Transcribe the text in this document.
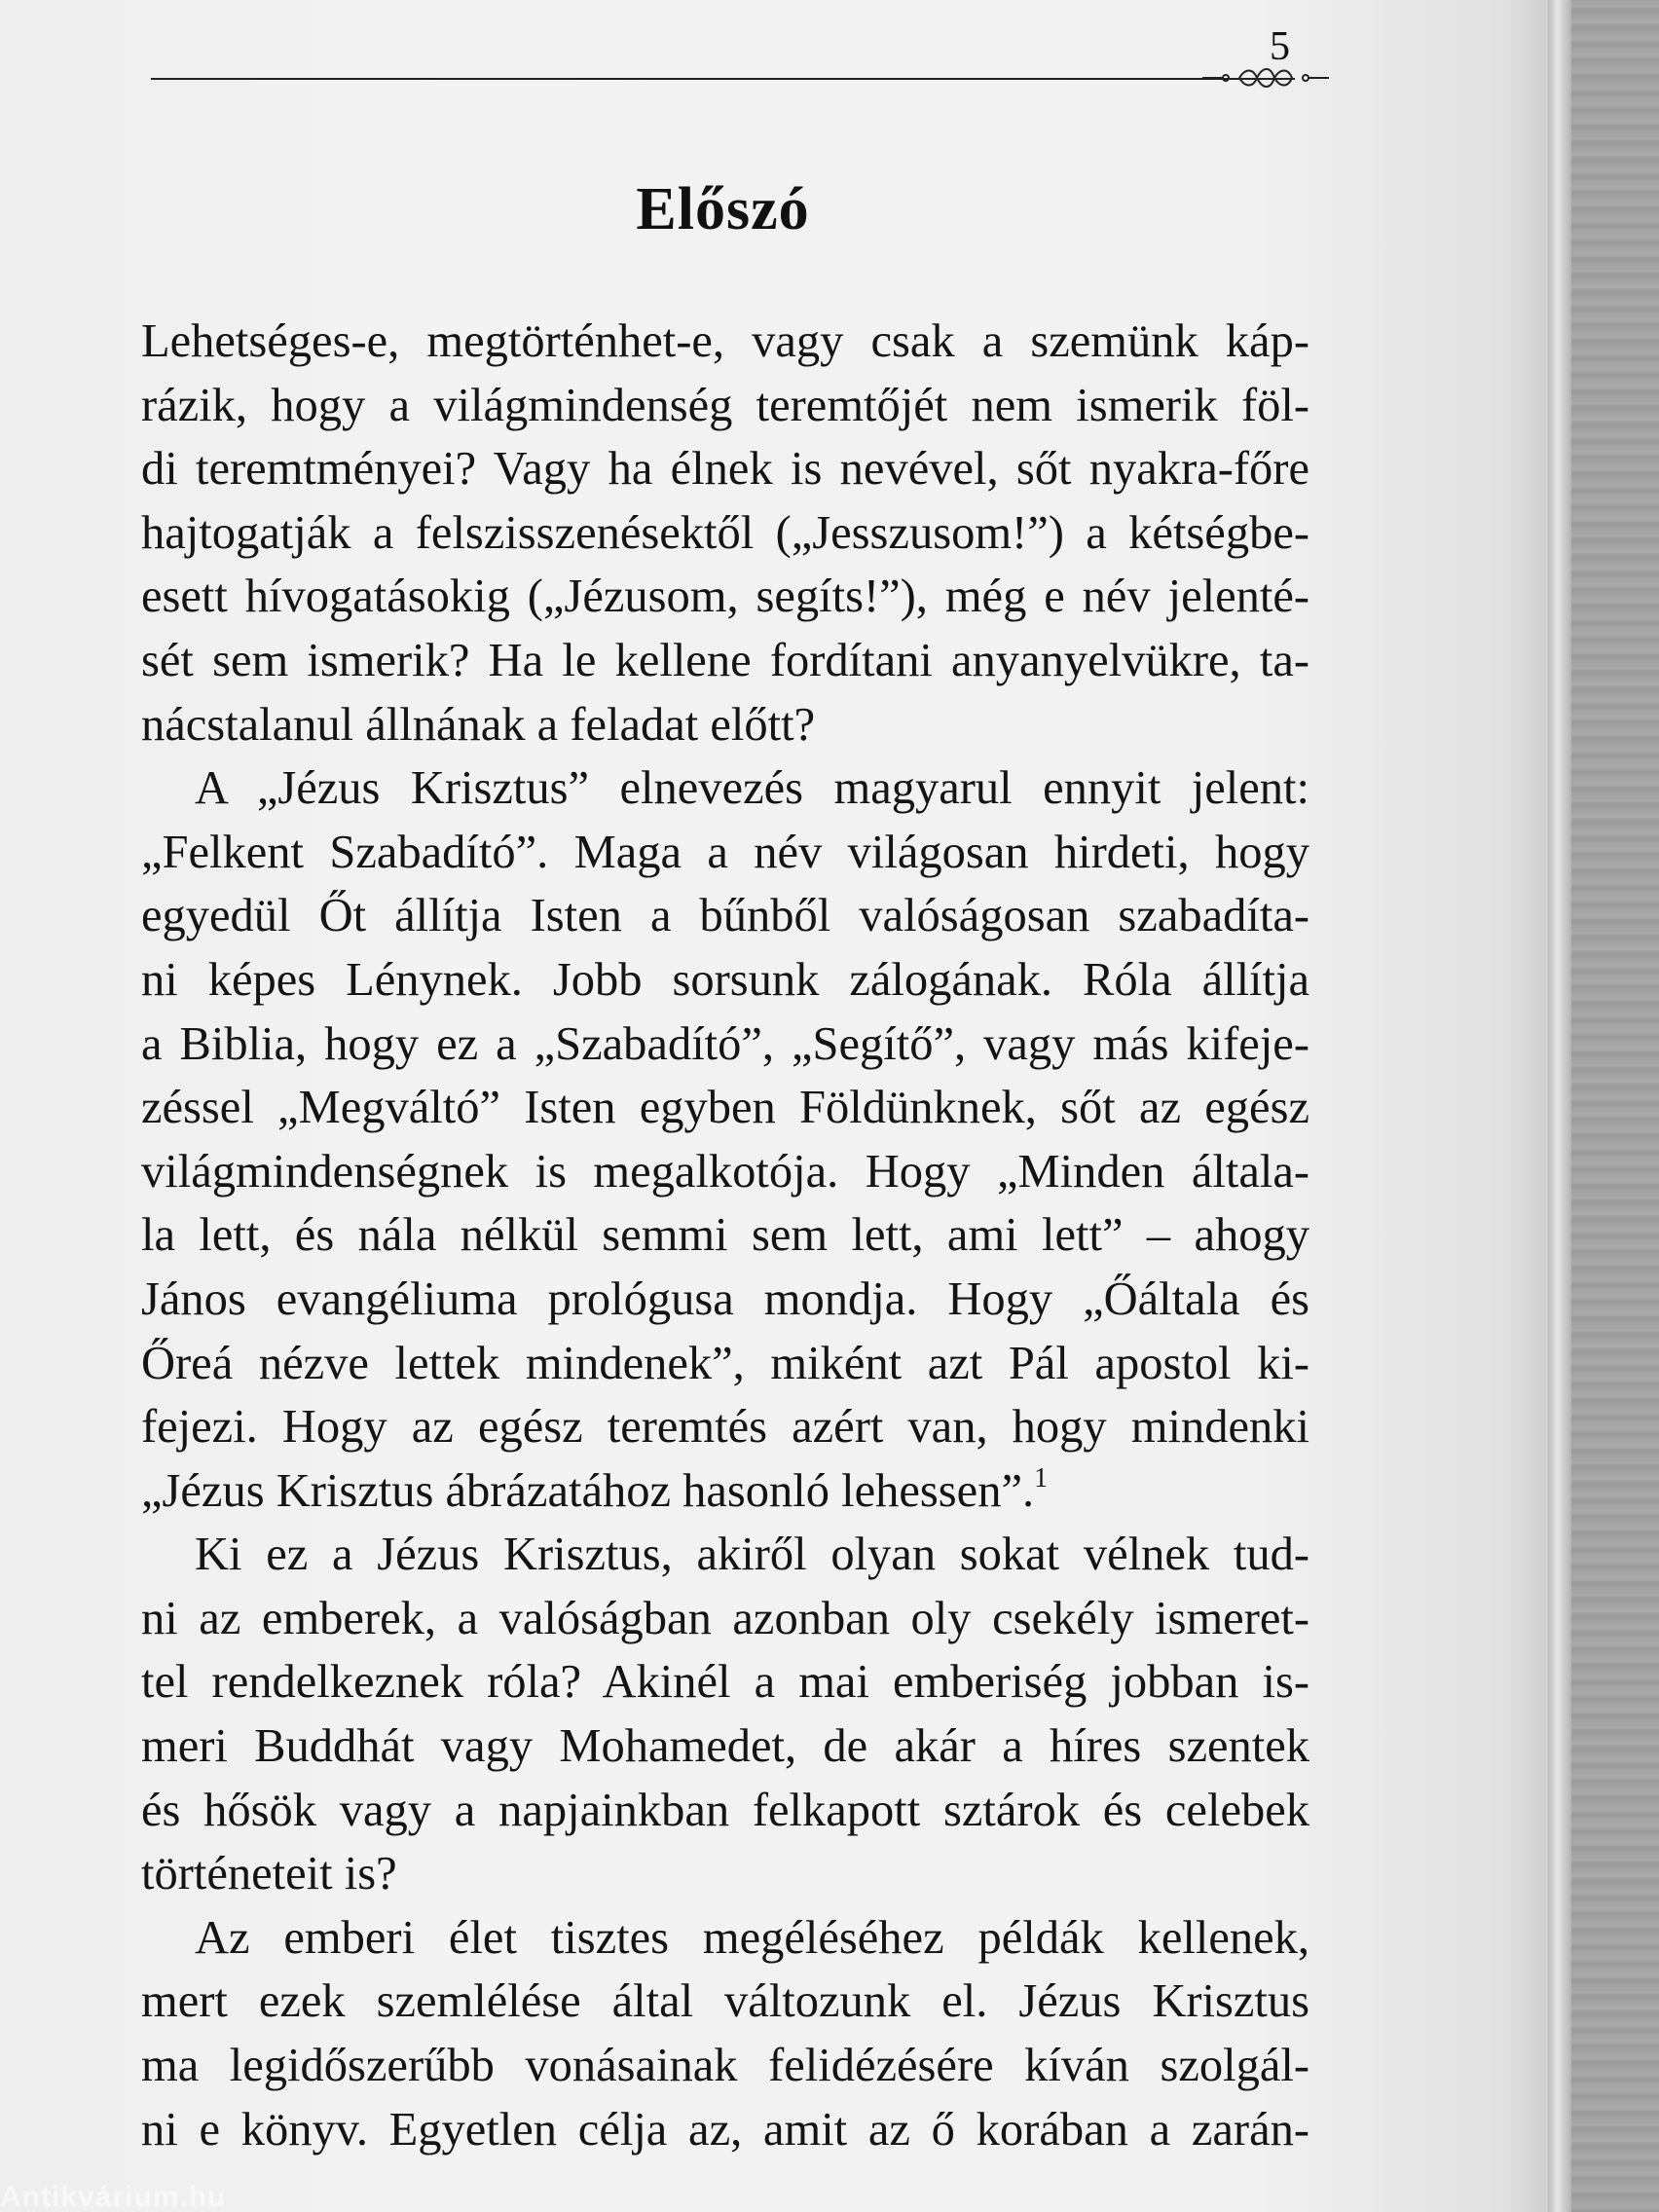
5
Előszó
Lehetséges-e, megtörténhet-e, vagy csak a szemünk káp-
rázik, hogy a világmindenség teremtőjét nem ismerik föl-
di teremtményei? Vagy ha élnek is nevével, sőt nyakra-főre
hajtogatják a felszisszenésektől („Jesszusom!”) a kétségbe-
esett hívogatásokig („Jézusom, segíts!”), még e név jelenté-
sét sem ismerik? Ha le kellene fordítani anyanyelvükre, ta-
nácstalanul állnának a feladat előtt?
A „Jézus Krisztus” elnevezés magyarul ennyit jelent:
„Felkent Szabadító”. Maga a név világosan hirdeti, hogy
egyedül Őt állítja Isten a bűnből valóságosan szabadíta-
ni képes Lénynek. Jobb sorsunk zálogának. Róla állítja
a Biblia, hogy ez a „Szabadító”, „Segítő”, vagy más kifeje-
zéssel „Megváltó” Isten egyben Földünknek, sőt az egész
világmindenségnek is megalkotója. Hogy „Minden általa-
la lett, és nála nélkül semmi sem lett, ami lett” – ahogy
János evangéliuma prológusa mondja. Hogy „Őáltala és
Őreá nézve lettek mindenek”, miként azt Pál apostol ki-
fejezi. Hogy az egész teremtés azért van, hogy mindenki
„Jézus Krisztus ábrázatához hasonló lehessen”.$^1$
Ki ez a Jézus Krisztus, akiről olyan sokat vélnek tud-
ni az emberek, a valóságban azonban oly csekély ismeret-
tel rendelkeznek róla? Akinél a mai emberiség jobban is-
meri Buddhát vagy Mohamedet, de akár a híres szentek
és hősök vagy a napjainkban felkapott sztárok és celebek
történeteit is?
Az emberi élet tisztes megéléséhez példák kellenek,
mert ezek szemlélése által változunk el. Jézus Krisztus
ma legidőszerűbb vonásainak felidézésére kíván szolgál-
ni e könyv. Egyetlen célja az, amit az ő korában a zarán-
Antikvárium.hu
